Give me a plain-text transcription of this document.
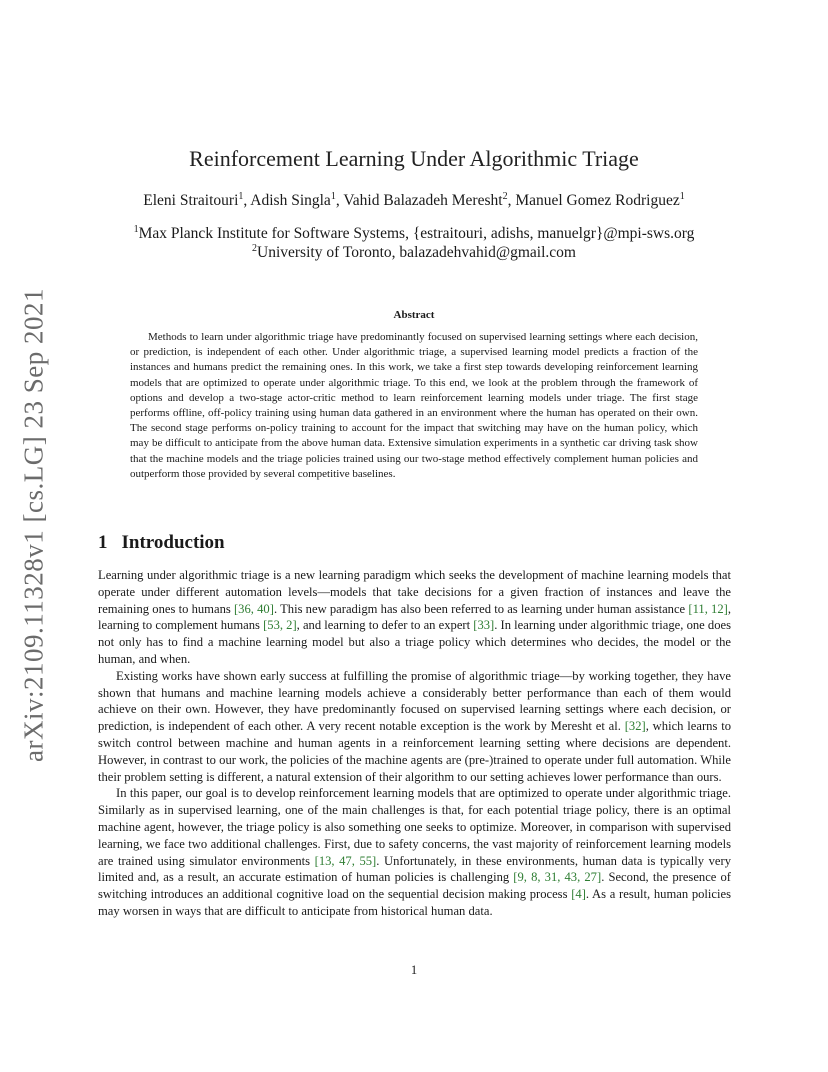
arXiv:2109.11328v1 [cs.LG] 23 Sep 2021
Reinforcement Learning Under Algorithmic Triage
Eleni Straitouri$^1$, Adish Singla$^1$, Vahid Balazadeh Meresht$^2$, Manuel Gomez Rodriguez$^1$
$^1$Max Planck Institute for Software Systems, {estraitouri, adishs, manuelgr}@mpi-sws.org
$^2$University of Toronto, balazadehvahid@gmail.com
Abstract

Methods to learn under algorithmic triage have predominantly focused on supervised learning settings where each decision, or prediction, is independent of each other. Under algorithmic triage, a supervised learning model predicts a fraction of the instances and humans predict the remaining ones. In this work, we take a first step towards developing reinforcement learning models that are optimized to operate under algorithmic triage. To this end, we look at the problem through the framework of options and develop a two-stage actor-critic method to learn reinforcement learning models under triage. The first stage performs offline, off-policy training using human data gathered in an environment where the human has operated on their own. The second stage performs on-policy training to account for the impact that switching may have on the human policy, which may be difficult to anticipate from the above human data. Extensive simulation experiments in a synthetic car driving task show that the machine models and the triage policies trained using our two-stage method effectively complement human policies and outperform those provided by several competitive baselines.

1 Introduction

Learning under algorithmic triage is a new learning paradigm which seeks the development of machine learning models that operate under different automation levels—models that take decisions for a given fraction of instances and leave the remaining ones to humans [36, 40]. This new paradigm has also been referred to as learning under human assistance [11, 12], learning to complement humans [53, 2], and learning to defer to an expert [33]. In learning under algorithmic triage, one does not only has to find a machine learning model but also a triage policy which determines who decides, the model or the human, and when.

Existing works have shown early success at fulfilling the promise of algorithmic triage—by working together, they have shown that humans and machine learning models achieve a considerably better performance than each of them would achieve on their own. However, they have predominantly focused on supervised learning settings where each decision, or prediction, is independent of each other. A very recent notable exception is the work by Meresht et al. [32], which learns to switch control between machine and human agents in a reinforcement learning setting where decisions are dependent. However, in contrast to our work, the policies of the machine agents are (pre-)trained to operate under full automation. While their problem setting is different, a natural extension of their algorithm to our setting achieves lower performance than ours.

In this paper, our goal is to develop reinforcement learning models that are optimized to operate under algorithmic triage. Similarly as in supervised learning, one of the main challenges is that, for each potential triage policy, there is an optimal machine agent, however, the triage policy is also something one seeks to optimize. Moreover, in comparison with supervised learning, we face two additional challenges. First, due to safety concerns, the vast majority of reinforcement learning models are trained using simulator environments [13, 47, 55]. Unfortunately, in these environments, human data is typically very limited and, as a result, an accurate estimation of human policies is challenging [9, 8, 31, 43, 27]. Second, the presence of switching introduces an additional cognitive load on the sequential decision making process [4]. As a result, human policies may worsen in ways that are difficult to anticipate from historical human data.

1
